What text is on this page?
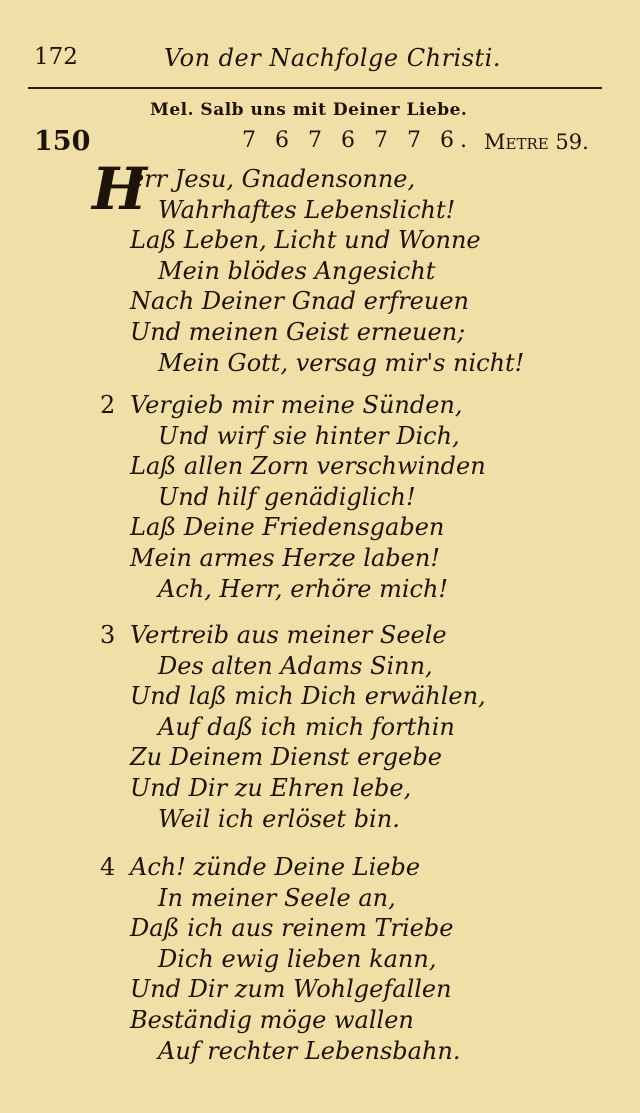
172	Von der Nachfolge Christi.
Mel. Salb uns mit Deiner Liebe.
150	7 6 7 6 7 7 6. Metre 59.
H
err Jesu, Gnadensonne,
Wahrhaftes Lebenslicht!
Laß Leben, Licht und Wonne
Mein blödes Angesicht
Nach Deiner Gnad erfreuen
Und meinen Geist erneuen;
Mein Gott, versag mir's nicht!
2 Vergieb mir meine Sünden,
Und wirf sie hinter Dich,
Laß allen Zorn verschwinden
Und hilf genädiglich!
Laß Deine Friedensgaben
Mein armes Herze laben!
Ach, Herr, erhöre mich!
3 Vertreib aus meiner Seele
Des alten Adams Sinn,
Und laß mich Dich erwählen,
Auf daß ich mich forthin
Zu Deinem Dienst ergebe
Und Dir zu Ehren lebe,
Weil ich erlöset bin.
4 Ach! zünde Deine Liebe
In meiner Seele an,
Daß ich aus reinem Triebe
Dich ewig lieben kann,
Und Dir zum Wohlgefallen
Beständig möge wallen
Auf rechter Lebensbahn.
